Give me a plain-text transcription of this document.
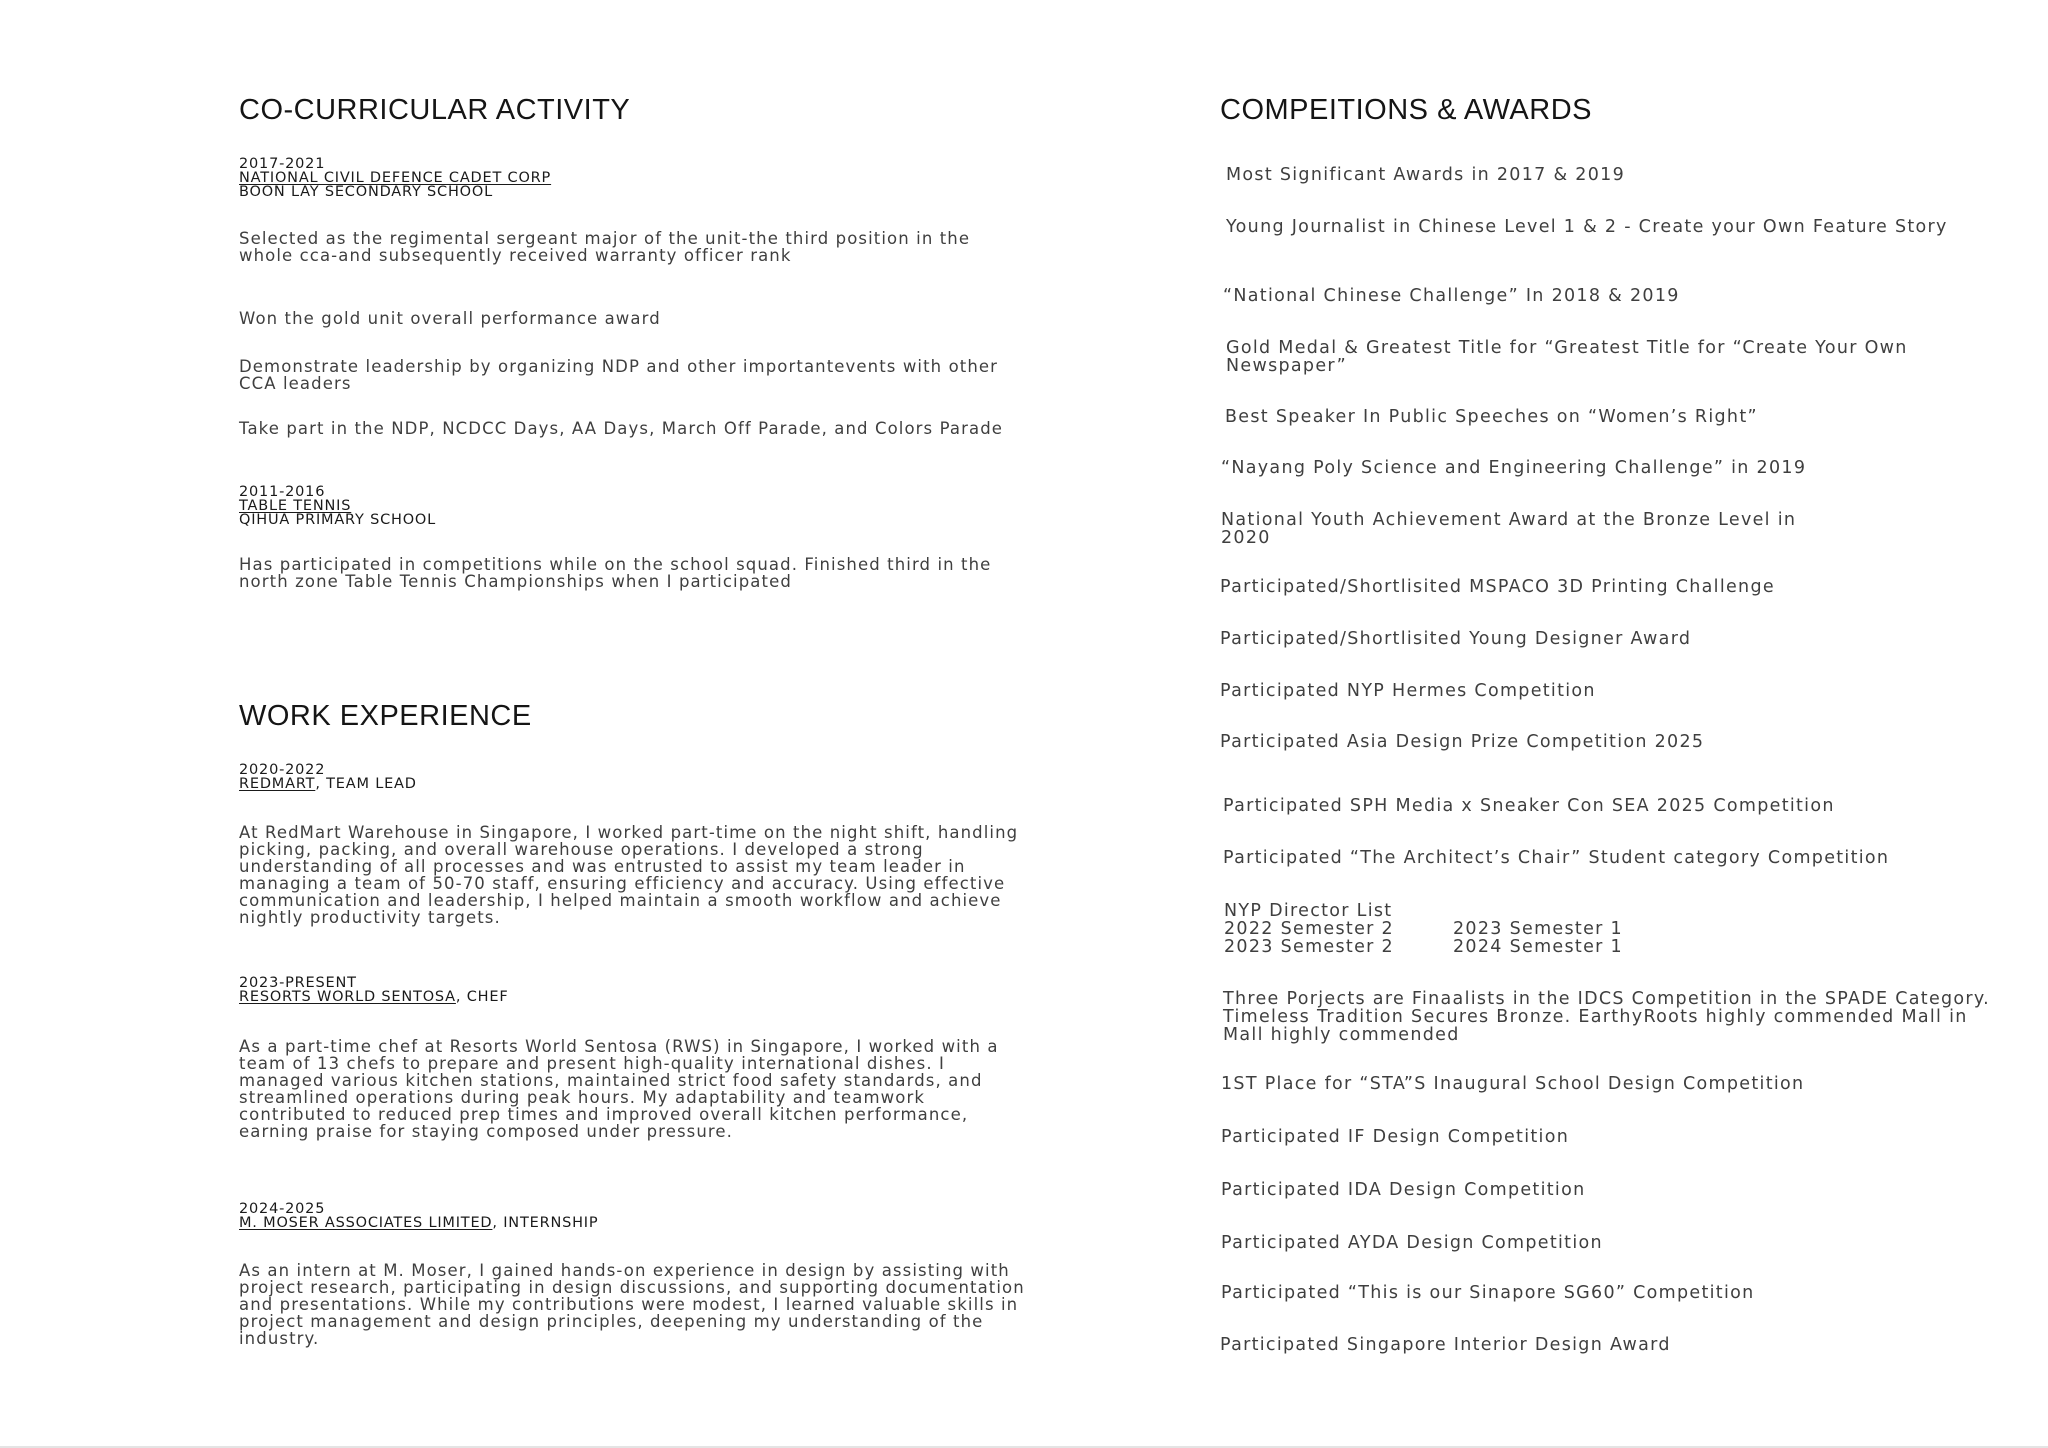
CO-CURRICULAR ACTIVITY
2017-2021
NATIONAL CIVIL DEFENCE CADET CORP
BOON LAY SECONDARY SCHOOL
Selected as the regimental sergeant major of the unit-the third position in the whole cca-and subsequently received warranty officer rank
Won the gold unit overall performance award
Demonstrate leadership by organizing NDP and other importantevents with other CCA leaders
Take part in the NDP, NCDCC Days, AA Days, March Off Parade, and Colors Parade
2011-2016
TABLE TENNIS
QIHUA PRIMARY SCHOOL
Has participated in competitions while on the school squad. Finished third in the north zone Table Tennis Championships when I participated
WORK EXPERIENCE
2020-2022
REDMART, TEAM LEAD
At RedMart Warehouse in Singapore, I worked part-time on the night shift, handling picking, packing, and overall warehouse operations. I developed a strong understanding of all processes and was entrusted to assist my team leader in managing a team of 50-70 staff, ensuring efficiency and accuracy. Using effective communication and leadership, I helped maintain a smooth workflow and achieve nightly productivity targets.
2023-PRESENT
RESORTS WORLD SENTOSA, CHEF
As a part-time chef at Resorts World Sentosa (RWS) in Singapore, I worked with a team of 13 chefs to prepare and present high-quality international dishes. I managed various kitchen stations, maintained strict food safety standards, and streamlined operations during peak hours. My adaptability and teamwork contributed to reduced prep times and improved overall kitchen performance, earning praise for staying composed under pressure.
2024-2025
M. MOSER ASSOCIATES LIMITED, INTERNSHIP
As an intern at M. Moser, I gained hands-on experience in design by assisting with project research, participating in design discussions, and supporting documentation and presentations. While my contributions were modest, I learned valuable skills in project management and design principles, deepening my understanding of the industry.
COMPEITIONS & AWARDS
Most Significant Awards in 2017 & 2019
Young Journalist in Chinese Level 1 & 2 - Create your Own Feature Story
“National Chinese Challenge” In 2018 & 2019
Gold Medal & Greatest Title for “Greatest Title for “Create Your Own Newspaper”
Best Speaker In Public Speeches on “Women’s Right”
“Nayang Poly Science and Engineering Challenge” in 2019
National Youth Achievement Award at the Bronze Level in 2020
Participated/Shortlisited MSPACO 3D Printing Challenge
Participated/Shortlisited Young Designer Award
Participated NYP Hermes Competition
Participated Asia Design Prize Competition 2025
Participated SPH Media x Sneaker Con SEA 2025 Competition
Participated “The Architect’s Chair” Student category Competition
NYP Director List
2022 Semester 2	2023 Semester 1
2023 Semester 2	2024 Semester 1
Three Porjects are Finaalists in the IDCS Competition in the SPADE Category. Timeless Tradition Secures Bronze. EarthyRoots highly commended Mall in Mall highly commended
1ST Place for “STA”S Inaugural School Design Competition
Participated IF Design Competition
Participated IDA Design Competition
Participated AYDA Design Competition
Participated “This is our Sinapore SG60” Competition
Participated Singapore Interior Design Award
